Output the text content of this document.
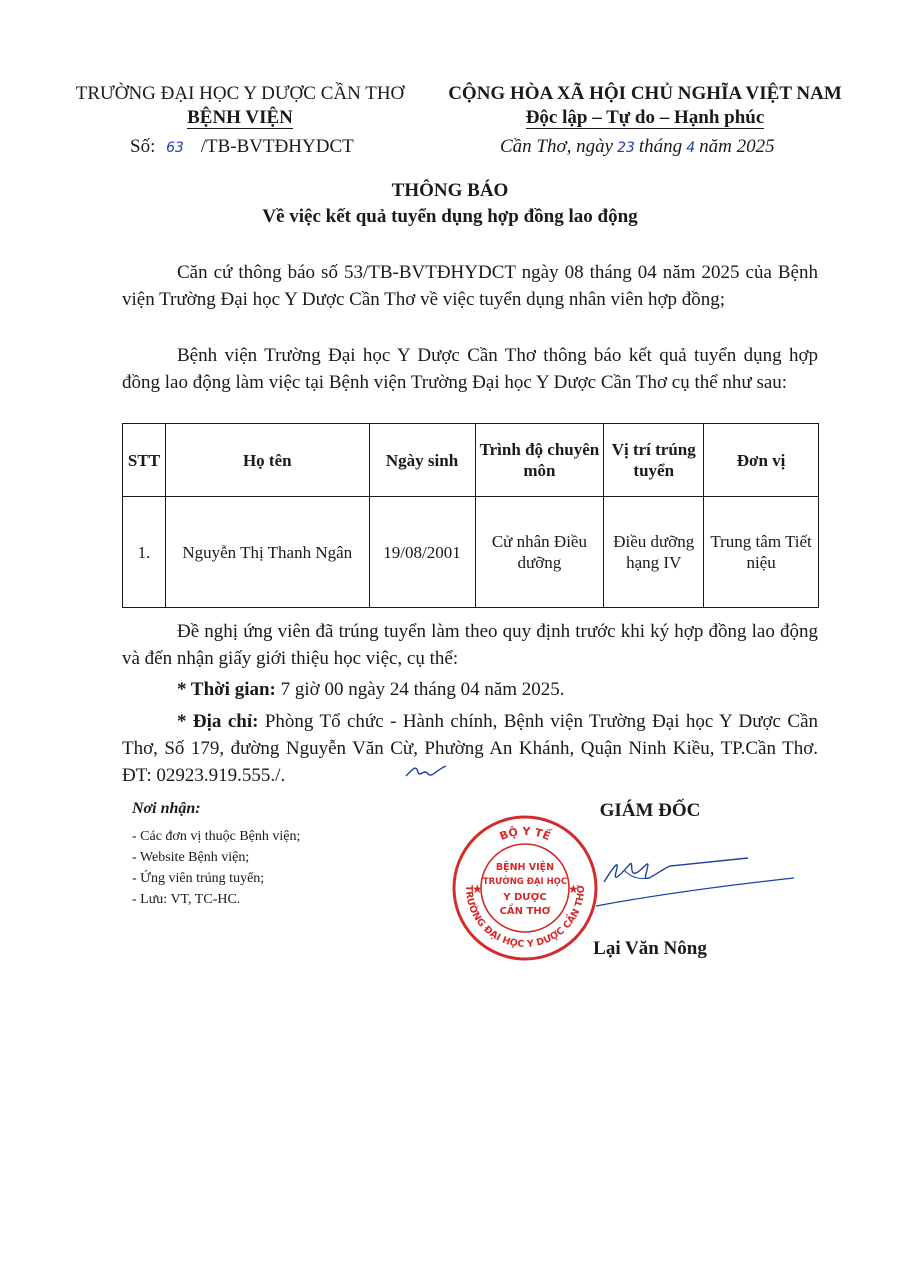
TRƯỜNG ĐẠI HỌC Y DƯỢC CẦN THƠ
BỆNH VIỆN
CỘNG HÒA XÃ HỘI CHỦ NGHĨA VIỆT NAM
Độc lập – Tự do – Hạnh phúc
Số: 63 /TB-BVTĐHYDCT	Cần Thơ, ngày 23 tháng 4 năm 2025
THÔNG BÁO
Về việc kết quả tuyển dụng hợp đồng lao động
Căn cứ thông báo số 53/TB-BVTĐHYDCT ngày 08 tháng 04 năm 2025 của Bệnh viện Trường Đại học Y Dược Cần Thơ về việc tuyển dụng nhân viên hợp đồng;
Bệnh viện Trường Đại học Y Dược Cần Thơ thông báo kết quả tuyển dụng hợp đồng lao động làm việc tại Bệnh viện Trường Đại học Y Dược Cần Thơ cụ thể như sau:
STT	Họ tên	Ngày sinh	Trình độ chuyên môn	Vị trí trúng tuyển	Đơn vị
1.	Nguyễn Thị Thanh Ngân	19/08/2001	Cử nhân Điều dưỡng	Điều dưỡng hạng IV	Trung tâm Tiết niệu
Đề nghị ứng viên đã trúng tuyển làm theo quy định trước khi ký hợp đồng lao động và đến nhận giấy giới thiệu học việc, cụ thể:
* Thời gian: 7 giờ 00 ngày 24 tháng 04 năm 2025.
* Địa chỉ: Phòng Tổ chức - Hành chính, Bệnh viện Trường Đại học Y Dược Cần Thơ, Số 179, đường Nguyễn Văn Cừ, Phường An Khánh, Quận Ninh Kiều, TP.Cần Thơ. ĐT: 02923.919.555./.
Nơi nhận:
- Các đơn vị thuộc Bệnh viện;
- Website Bệnh viện;
- Ứng viên trúng tuyển;
- Lưu: VT, TC-HC.
GIÁM ĐỐC
BỘ Y TẾ
TRƯỜNG ĐẠI HỌC Y DƯỢC CẦN THƠ
★	★
BỆNH VIỆN
TRƯỜNG ĐẠI HỌC
Y DƯỢC
CẦN THƠ
Lại Văn Nông
